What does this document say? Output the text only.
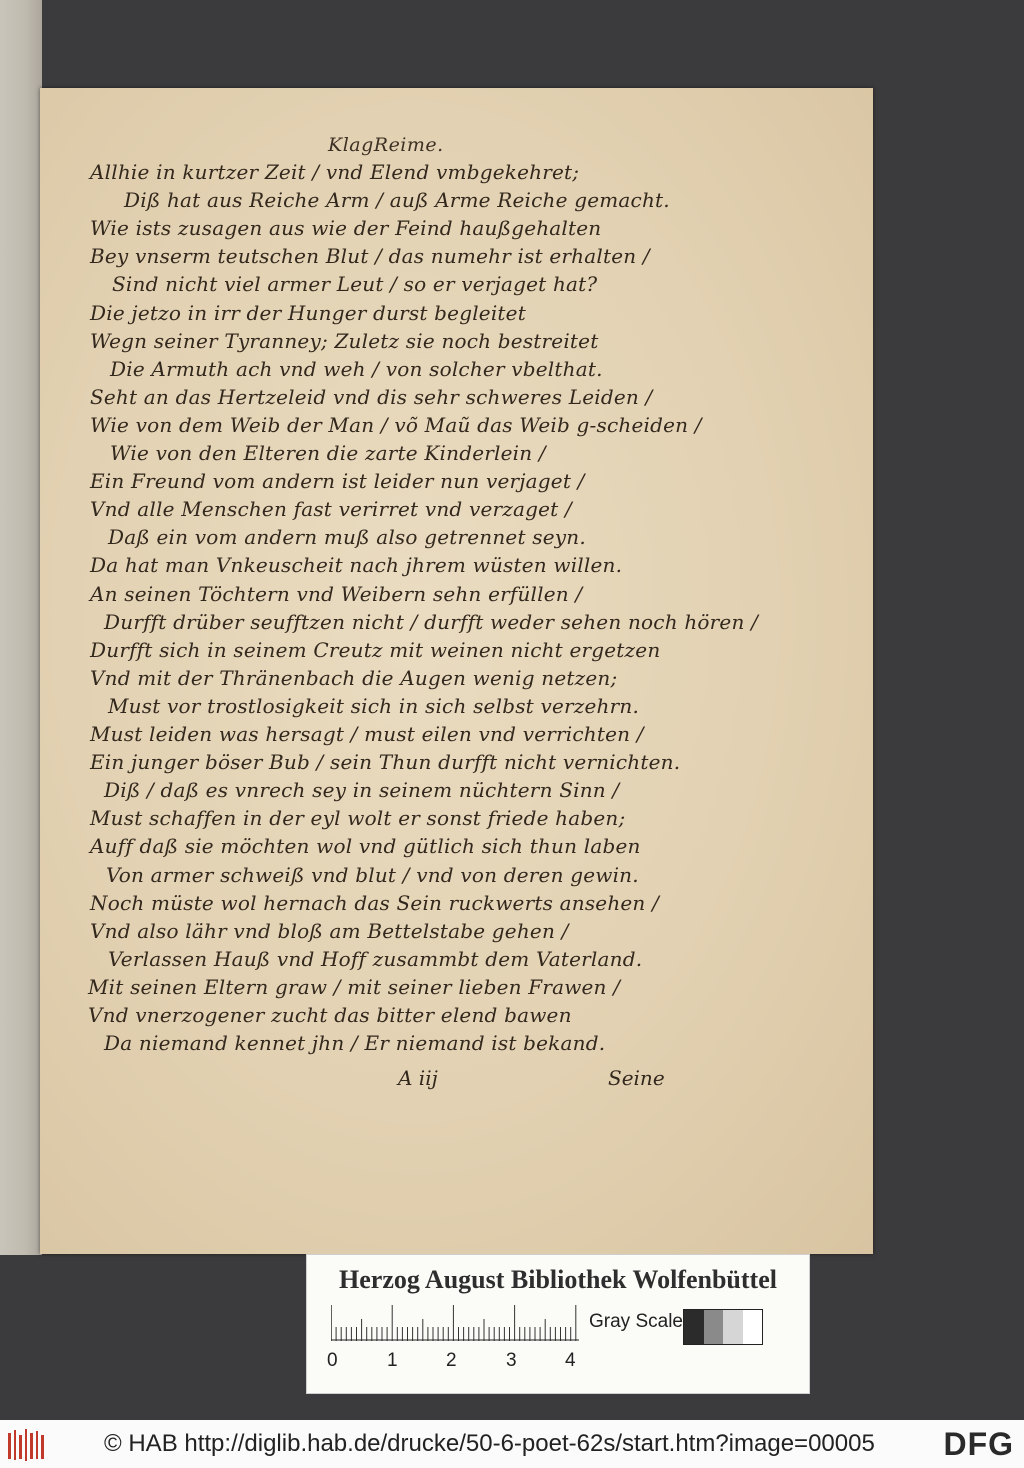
KlagReime.
Allhie in kurtzer Zeit / vnd Elend vmbgekehret;
Diß hat aus Reiche Arm / auß Arme Reiche gemacht.
Wie ists zusagen aus wie der Feind haußgehalten
Bey vnserm teutschen Blut / das numehr ist erhalten /
Sind nicht viel armer Leut / so er verjaget hat?
Die jetzo in irr der Hunger durst begleitet
Wegn seiner Tyranney; Zuletz sie noch bestreitet
Die Armuth ach vnd weh / von solcher vbelthat.
Seht an das Hertzeleid vnd dis sehr schweres Leiden /
Wie von dem Weib der Man / võ Maũ das Weib g-scheiden /
Wie von den Elteren die zarte Kinderlein /
Ein Freund vom andern ist leider nun verjaget /
Vnd alle Menschen fast verirret vnd verzaget /
Daß ein vom andern muß also getrennet seyn.
Da hat man Vnkeuscheit nach jhrem wüsten willen.
An seinen Töchtern vnd Weibern sehn erfüllen /
Durfft drüber seufftzen nicht / durfft weder sehen noch hören /
Durfft sich in seinem Creutz mit weinen nicht ergetzen
Vnd mit der Thränenbach die Augen wenig netzen;
Must vor trostlosigkeit sich in sich selbst verzehrn.
Must leiden was hersagt / must eilen vnd verrichten /
Ein junger böser Bub / sein Thun durfft nicht vernichten.
Diß / daß es vnrech sey in seinem nüchtern Sinn /
Must schaffen in der eyl wolt er sonst friede haben;
Auff daß sie möchten wol vnd gütlich sich thun laben
Von armer schweiß vnd blut / vnd von deren gewin.
Noch müste wol hernach das Sein ruckwerts ansehen /
Vnd also lähr vnd bloß am Bettelstabe gehen /
Verlassen Hauß vnd Hoff zusammbt dem Vaterland.
Mit seinen Eltern graw / mit seiner lieben Frawen /
Vnd vnerzogener zucht das bitter elend bawen
Da niemand kennet jhn / Er niemand ist bekand.
A iij	Seine
Herzog August Bibliothek Wolfenbüttel
0	1	2	3	4
Gray Scale
© HAB http://diglib.hab.de/drucke/50-6-poet-62s/start.htm?image=00005 DFG
